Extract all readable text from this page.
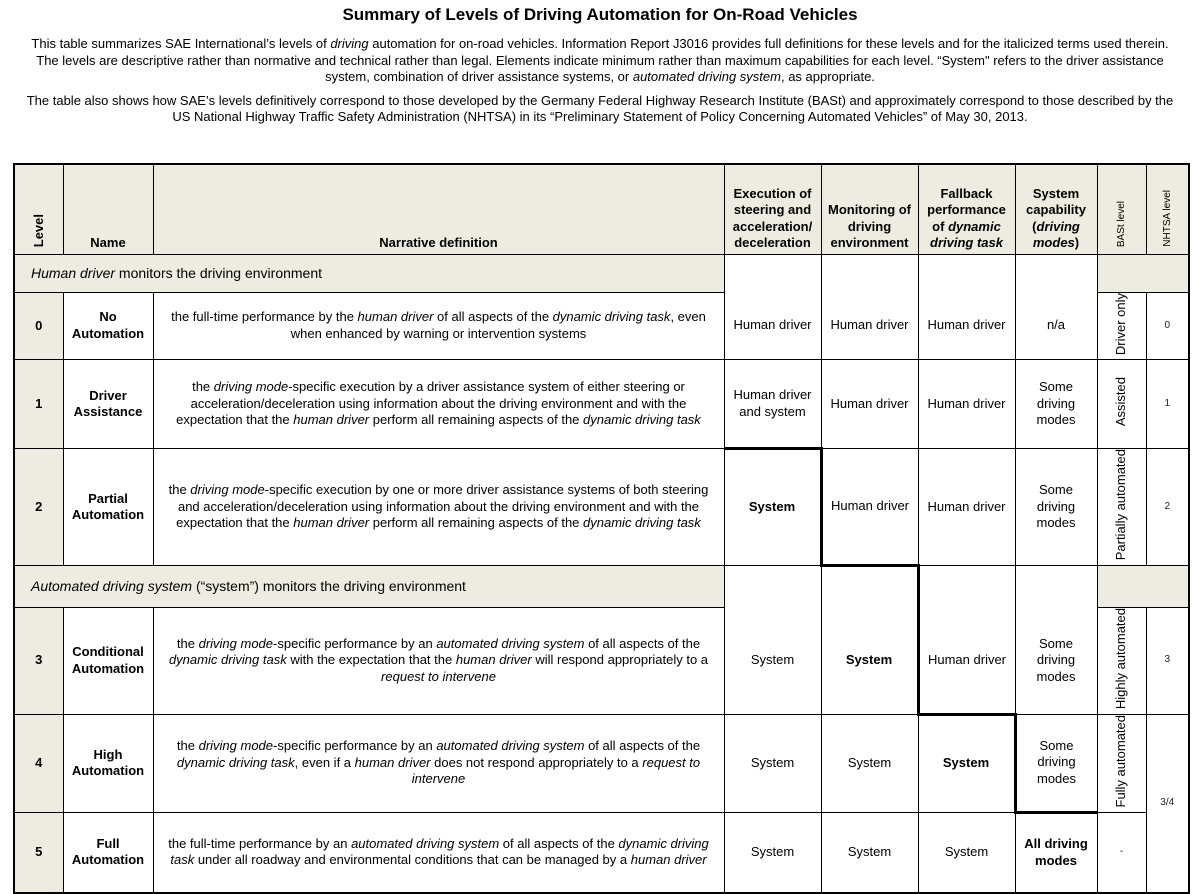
Summary of Levels of Driving Automation for On-Road Vehicles

This table summarizes SAE International’s levels of driving automation for on-road vehicles. Information Report J3016 provides full definitions for these levels and for the italicized terms used therein. The levels are descriptive rather than normative and technical rather than legal. Elements indicate minimum rather than maximum capabilities for each level. “System" refers to the driver assistance system, combination of driver assistance systems, or automated driving system, as appropriate.

The table also shows how SAE’s levels definitively correspond to those developed by the Germany Federal Highway Research Institute (BASt) and approximately correspond to those described by the US National Highway Traffic Safety Administration (NHTSA) in its “Preliminary Statement of Policy Concerning Automated Vehicles” of May 30, 2013.

Level	Name	Narrative definition	Execution of steering and acceleration/ deceleration	Monitoring of driving environment	Fallback performance of dynamic driving task	System capability (driving modes)	BASt level	NHTSA level
Human driver monitors the driving environment								
0	No Automation	the full-time performance by the human driver of all aspects of the dynamic driving task, even when enhanced by warning or intervention systems	Human driver	Human driver	Human driver	n/a	Driver only	0
1	Driver Assistance	the driving mode-specific execution by a driver assistance system of either steering or acceleration/deceleration using information about the driving environment and with the expectation that the human driver perform all remaining aspects of the dynamic driving task	Human driver and system	Human driver	Human driver	Some driving modes	Assisted	1
2	Partial Automation	the driving mode-specific execution by one or more driver assistance systems of both steering and acceleration/deceleration using information about the driving environment and with the expectation that the human driver perform all remaining aspects of the dynamic driving task	System	Human driver	Human driver	Some driving modes	Partially automated	2
Automated driving system (“system”) monitors the driving environment								
3	Conditional Automation	the driving mode-specific performance by an automated driving system of all aspects of the dynamic driving task with the expectation that the human driver will respond appropriately to a request to intervene	System	System	Human driver	Some driving modes	Highly automated	3
4	High Automation	the driving mode-specific performance by an automated driving system of all aspects of the dynamic driving task, even if a human driver does not respond appropriately to a request to intervene	System	System	System	Some driving modes	Fully automated	3/4
5	Full Automation	the full-time performance by an automated driving system of all aspects of the dynamic driving task under all roadway and environmental conditions that can be managed by a human driver	System	System	System	All driving modes	-	
